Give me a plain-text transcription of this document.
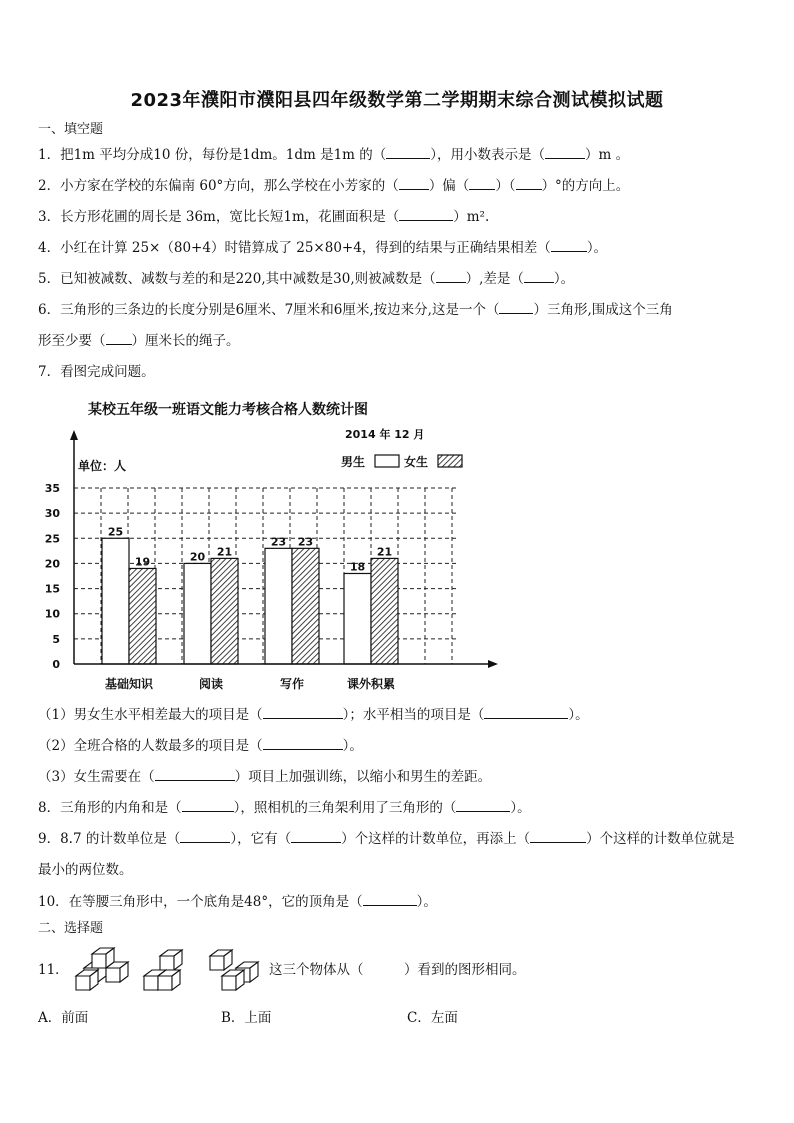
2023年濮阳市濮阳县四年级数学第二学期期末综合测试模拟试题
一、填空题
1．把1m 平均分成10 份，每份是1dm。1dm 是1m 的（	），用小数表示是（	）m 。
2．小方家在学校的东偏南 60°方向，那么学校在小芳家的（ ）偏（ ）（ ）°的方向上。
3．长方形花圃的周长是 36m，宽比长短1m，花圃面积是（	）m².
4．小红在计算 25×（80+4）时错算成了 25×80+4，得到的结果与正确结果相差（	）。
5．已知被减数、减数与差的和是220,其中减数是30,则被减数是（ ）,差是（ ）。
6．三角形的三条边的长度分别是6厘米、7厘米和6厘米,按边来分,这是一个（	）三角形,围成这个三角
形至少要（ ）厘米长的绳子。
7．看图完成问题。
某校五年级一班语文能力考核合格人数统计图
2014 年 12 月
单位：人	男生	女生
25
19	20 21
23 23
18
21
0
5
10
15
20
25
30
35
基础知识	阅读	写作	课外积累
（1）男女生水平相差最大的项目是（	）；水平相当的项目是（	）。
（2）全班合格的人数最多的项目是（	）。
（3）女生需要在（	）项目上加强训练，以缩小和男生的差距。
8．三角形的内角和是（	），照相机的三角架利用了三角形的（	）。
9．8.7 的计数单位是（	），它有（	）个这样的计数单位，再添上（	）个这样的计数单位就是
最小的两位数。
10．在等腰三角形中，一个底角是48°，它的顶角是（	）。
二、选择题
11．	这三个物体从（　　　）看到的图形相同。
A．前面	B．上面	C．左面
